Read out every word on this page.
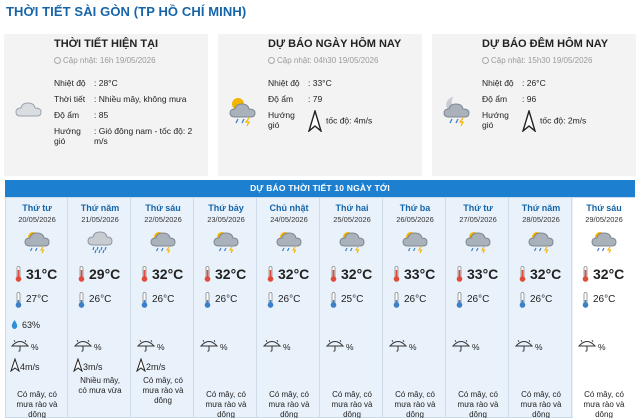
THỜI TIẾT SÀI GÒN (TP HỒ CHÍ MINH)
THỜI TIẾT HIỆN TẠI
Cập nhật: 16h 19/05/2026
Nhiệt độ	: 28°C
Thời tiết	: Nhiều mây, không mưa
Độ ẩm	: 85
Hướng gió	: Gió đông nam - tốc độ: 2 m/s
DỰ BÁO NGÀY HÔM NAY
Cập nhật: 04h30 19/05/2026
Nhiệt độ	: 33°C
Độ ẩm	: 79
Hướng gió	tốc độ: 4m/s
DỰ BÁO ĐÊM HÔM NAY
Cập nhật: 15h30 19/05/2026
Nhiệt độ	: 26°C
Độ ẩm	: 96
Hướng gió	tốc độ: 2m/s
DỰ BÁO THỜI TIẾT 10 NGÀY TỚI
Thứ tư
20/05/2026
31°C
27°C
63%
%
4m/s
Có mây, có
mưa rào và
dông
Thứ năm
21/05/2026
29°C
26°C
%
3m/s
Nhiều mây,
có mưa vừa
Thứ sáu
22/05/2026
32°C
26°C
%
2m/s
Có mây, có
mưa rào và
dông
Thứ bảy
23/05/2026
32°C
26°C
%
Có mây, có
mưa rào và
dông
Chủ nhật
24/05/2026
32°C
26°C
%
Có mây, có
mưa rào và
dông
Thứ hai
25/05/2026
32°C
25°C
%
Có mây, có
mưa rào và
dông
Thứ ba
26/05/2026
33°C
26°C
%
Có mây, có
mưa rào và
dông
Thứ tư
27/05/2026
33°C
26°C
%
Có mây, có
mưa rào và
dông
Thứ năm
28/05/2026
32°C
26°C
%
Có mây, có
mưa rào và
dông
Thứ sáu
29/05/2026
32°C
26°C
%
Có mây, có
mưa rào và
dông
